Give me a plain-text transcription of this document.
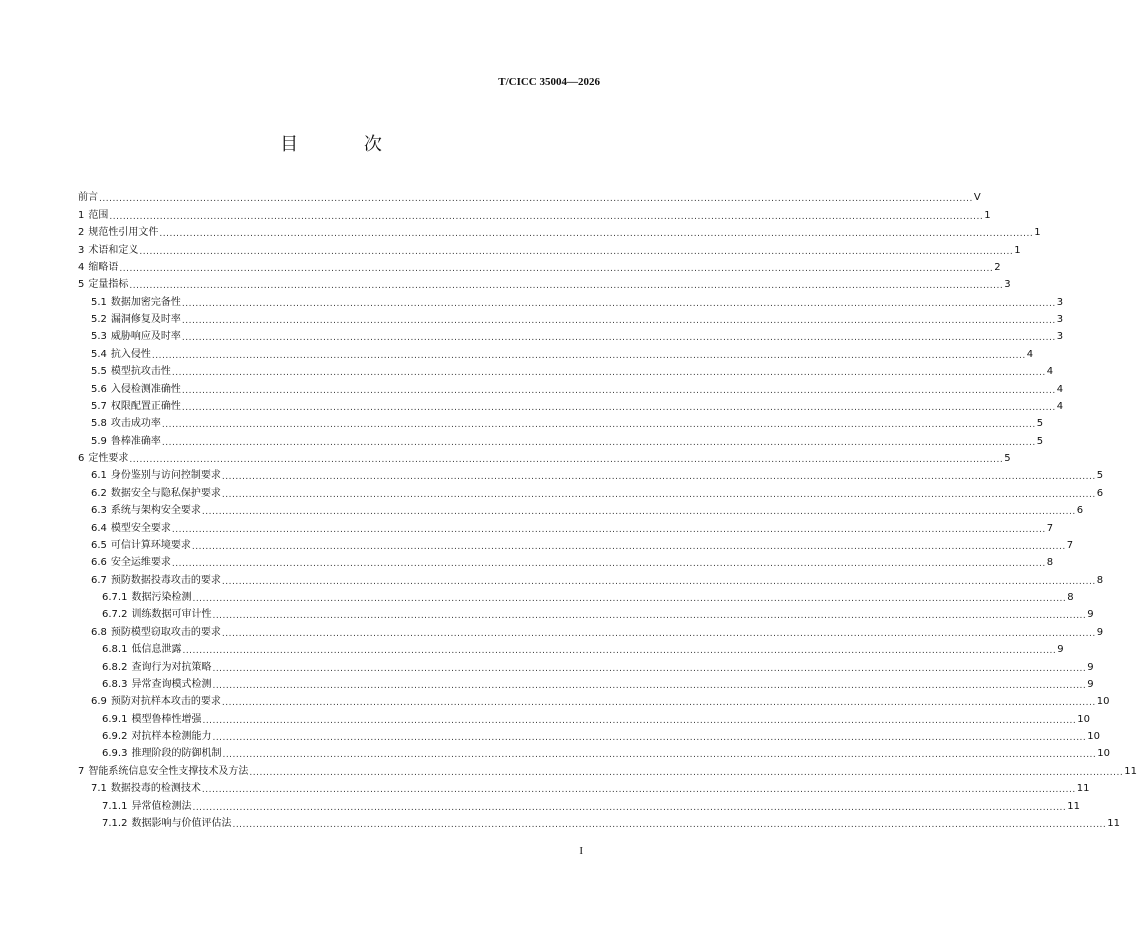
T/CICC 35004—2026
目 次
前言 .................................................................................................................................................................................................................................................................... V
1 范围 .................................................................................................................................................................................................................................................................... 1
2 规范性引用文件 .................................................................................................................................................................................................................................................................... 1
3 术语和定义 .................................................................................................................................................................................................................................................................... 1
4 缩略语 .................................................................................................................................................................................................................................................................... 2
5 定量指标 .................................................................................................................................................................................................................................................................... 3
5.1 数据加密完备性 .................................................................................................................................................................................................................................................................... 3
5.2 漏洞修复及时率 .................................................................................................................................................................................................................................................................... 3
5.3 威胁响应及时率 .................................................................................................................................................................................................................................................................... 3
5.4 抗入侵性 .................................................................................................................................................................................................................................................................... 4
5.5 模型抗攻击性 .................................................................................................................................................................................................................................................................... 4
5.6 入侵检测准确性 .................................................................................................................................................................................................................................................................... 4
5.7 权限配置正确性 .................................................................................................................................................................................................................................................................... 4
5.8 攻击成功率 .................................................................................................................................................................................................................................................................... 5
5.9 鲁棒准确率 .................................................................................................................................................................................................................................................................... 5
6 定性要求 .................................................................................................................................................................................................................................................................... 5
6.1 身份鉴别与访问控制要求 .................................................................................................................................................................................................................................................................... 5
6.2 数据安全与隐私保护要求 .................................................................................................................................................................................................................................................................... 6
6.3 系统与架构安全要求 .................................................................................................................................................................................................................................................................... 6
6.4 模型安全要求 .................................................................................................................................................................................................................................................................... 7
6.5 可信计算环境要求 .................................................................................................................................................................................................................................................................... 7
6.6 安全运维要求 .................................................................................................................................................................................................................................................................... 8
6.7 预防数据投毒攻击的要求 .................................................................................................................................................................................................................................................................... 8
6.7.1 数据污染检测 .................................................................................................................................................................................................................................................................... 8
6.7.2 训练数据可审计性 .................................................................................................................................................................................................................................................................... 9
6.8 预防模型窃取攻击的要求 .................................................................................................................................................................................................................................................................... 9
6.8.1 低信息泄露 .................................................................................................................................................................................................................................................................... 9
6.8.2 查询行为对抗策略 .................................................................................................................................................................................................................................................................... 9
6.8.3 异常查询模式检测 .................................................................................................................................................................................................................................................................... 9
6.9 预防对抗样本攻击的要求 .................................................................................................................................................................................................................................................................... 10
6.9.1 模型鲁棒性增强 .................................................................................................................................................................................................................................................................... 10
6.9.2 对抗样本检测能力 .................................................................................................................................................................................................................................................................... 10
6.9.3 推理阶段的防御机制 .................................................................................................................................................................................................................................................................... 10
7 智能系统信息安全性支撑技术及方法 .................................................................................................................................................................................................................................................................... 11
7.1 数据投毒的检测技术 .................................................................................................................................................................................................................................................................... 11
7.1.1 异常值检测法 .................................................................................................................................................................................................................................................................... 11
7.1.2 数据影响与价值评估法 .................................................................................................................................................................................................................................................................... 11
I
